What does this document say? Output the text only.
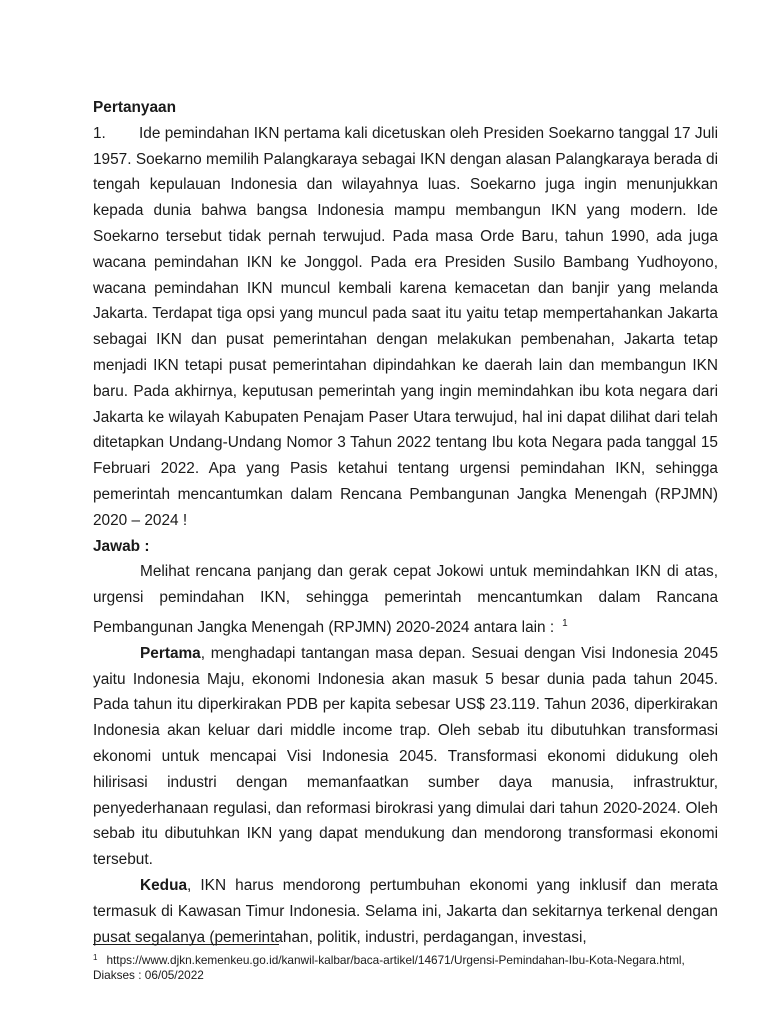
Pertanyaan

1. Ide pemindahan IKN pertama kali dicetuskan oleh Presiden Soekarno tanggal 17 Juli 1957. Soekarno memilih Palangkaraya sebagai IKN dengan alasan Palangkaraya berada di tengah kepulauan Indonesia dan wilayahnya luas. Soekarno juga ingin menunjukkan kepada dunia bahwa bangsa Indonesia mampu membangun IKN yang modern. Ide Soekarno tersebut tidak pernah terwujud. Pada masa Orde Baru, tahun 1990, ada juga wacana pemindahan IKN ke Jonggol. Pada era Presiden Susilo Bambang Yudhoyono, wacana pemindahan IKN muncul kembali karena kemacetan dan banjir yang melanda Jakarta. Terdapat tiga opsi yang muncul pada saat itu yaitu tetap mempertahankan Jakarta sebagai IKN dan pusat pemerintahan dengan melakukan pembenahan, Jakarta tetap menjadi IKN tetapi pusat pemerintahan dipindahkan ke daerah lain dan membangun IKN baru. Pada akhirnya, keputusan pemerintah yang ingin memindahkan ibu kota negara dari Jakarta ke wilayah Kabupaten Penajam Paser Utara terwujud, hal ini dapat dilihat dari telah ditetapkan Undang-Undang Nomor 3 Tahun 2022 tentang Ibu kota Negara pada tanggal 15 Februari 2022. Apa yang Pasis ketahui tentang urgensi pemindahan IKN, sehingga pemerintah mencantumkan dalam Rencana Pembangunan Jangka Menengah (RPJMN) 2020 – 2024 !

Jawab :

Melihat rencana panjang dan gerak cepat Jokowi untuk memindahkan IKN di atas, urgensi pemindahan IKN, sehingga pemerintah mencantumkan dalam Rancana Pembangunan Jangka Menengah (RPJMN) 2020-2024 antara lain : $^1$

Pertama, menghadapi tantangan masa depan. Sesuai dengan Visi Indonesia 2045 yaitu Indonesia Maju, ekonomi Indonesia akan masuk 5 besar dunia pada tahun 2045. Pada tahun itu diperkirakan PDB per kapita sebesar US$ 23.119. Tahun 2036, diperkirakan Indonesia akan keluar dari middle income trap. Oleh sebab itu dibutuhkan transformasi ekonomi untuk mencapai Visi Indonesia 2045. Transformasi ekonomi didukung oleh hilirisasi industri dengan memanfaatkan sumber daya manusia, infrastruktur, penyederhanaan regulasi, dan reformasi birokrasi yang dimulai dari tahun 2020-2024. Oleh sebab itu dibutuhkan IKN yang dapat mendukung dan mendorong transformasi ekonomi tersebut.

Kedua, IKN harus mendorong pertumbuhan ekonomi yang inklusif dan merata termasuk di Kawasan Timur Indonesia. Selama ini, Jakarta dan sekitarnya terkenal dengan pusat segalanya (pemerintahan, politik, industri, perdagangan, investasi,

$^1$ https://www.djkn.kemenkeu.go.id/kanwil-kalbar/baca-artikel/14671/Urgensi-Pemindahan-Ibu-Kota-Negara.html, Diakses : 06/05/2022
